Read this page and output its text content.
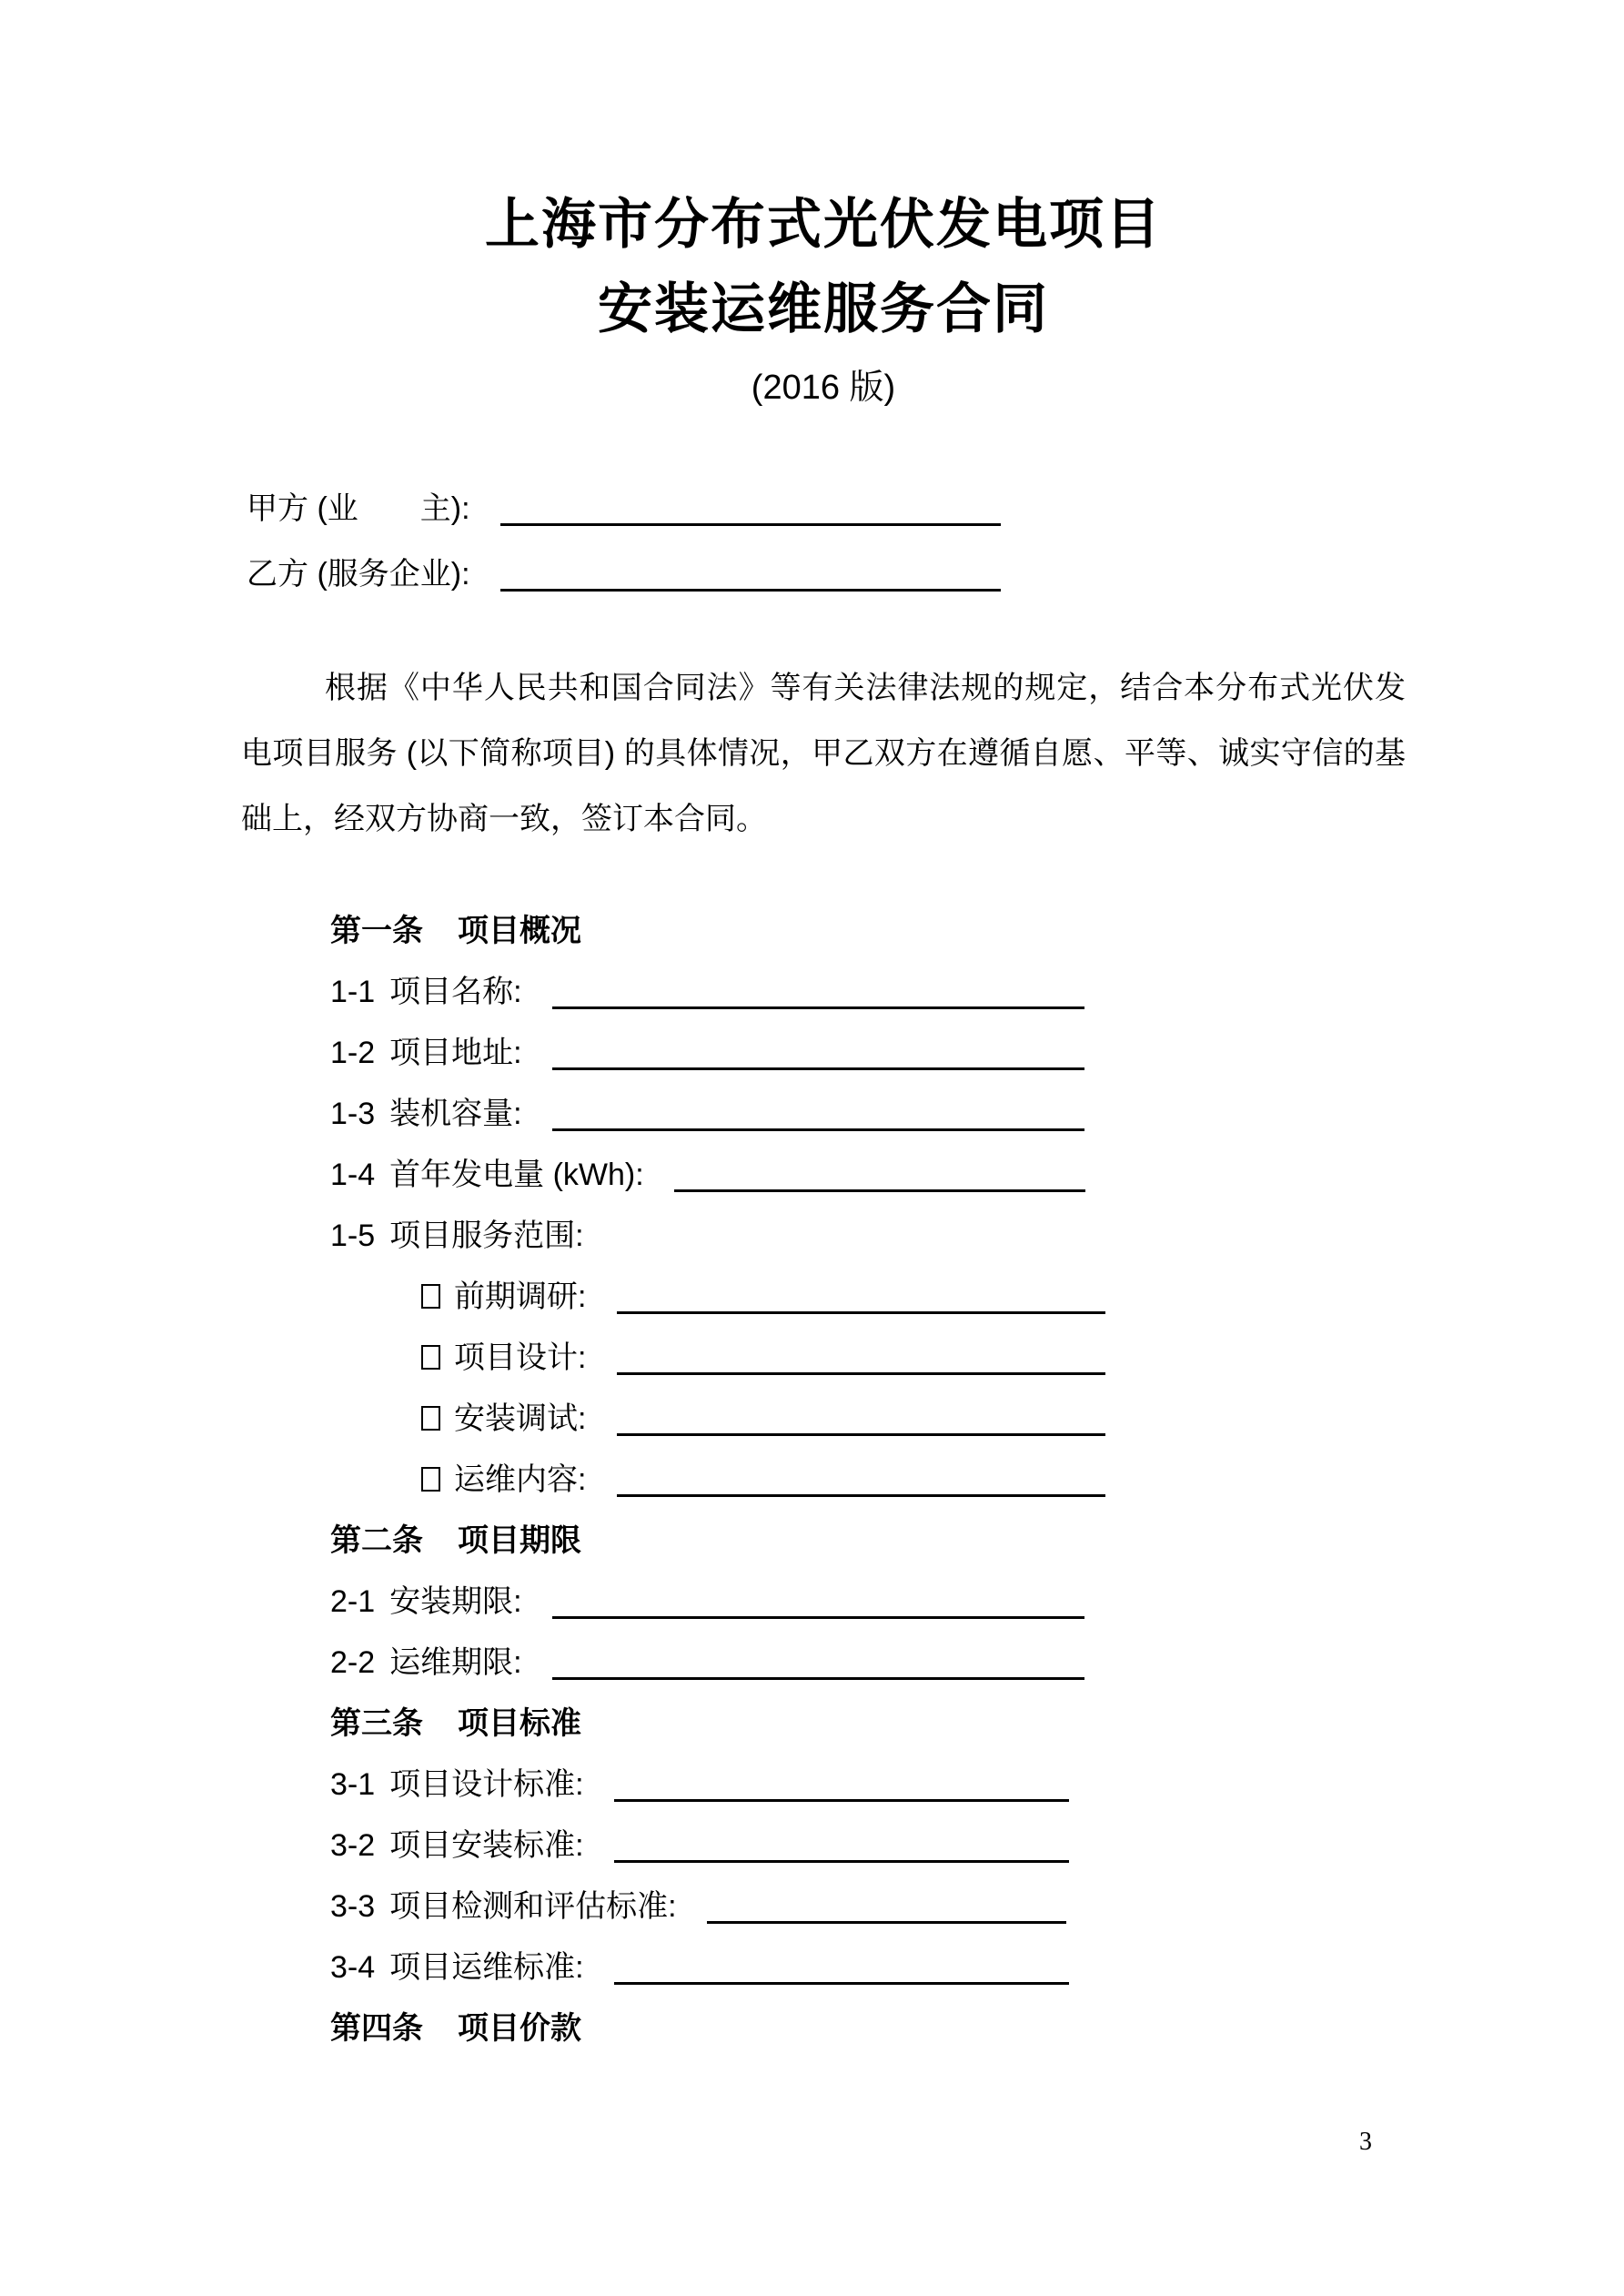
上海市分布式光伏发电项目
安装运维服务合同
(2016 版)
甲方 (业　　主):
乙方 (服务企业):

根据《中华人民共和国合同法》等有关法律法规的规定，结合本分布式光伏发电项目服务 (以下简称项目) 的具体情况，甲乙双方在遵循自愿、平等、诚实守信的基础上，经双方协商一致，签订本合同。

第一条 项目概况
1-1 项目名称:
1-2 项目地址:
1-3 装机容量:
1-4 首年发电量 (kWh):
1-5 项目服务范围:
前期调研:
项目设计:
安装调试:
运维内容:
第二条 项目期限
2-1 安装期限:
2-2 运维期限:
第三条 项目标准
3-1 项目设计标准:
3-2 项目安装标准:
3-3 项目检测和评估标准:
3-4 项目运维标准:
第四条 项目价款
3
